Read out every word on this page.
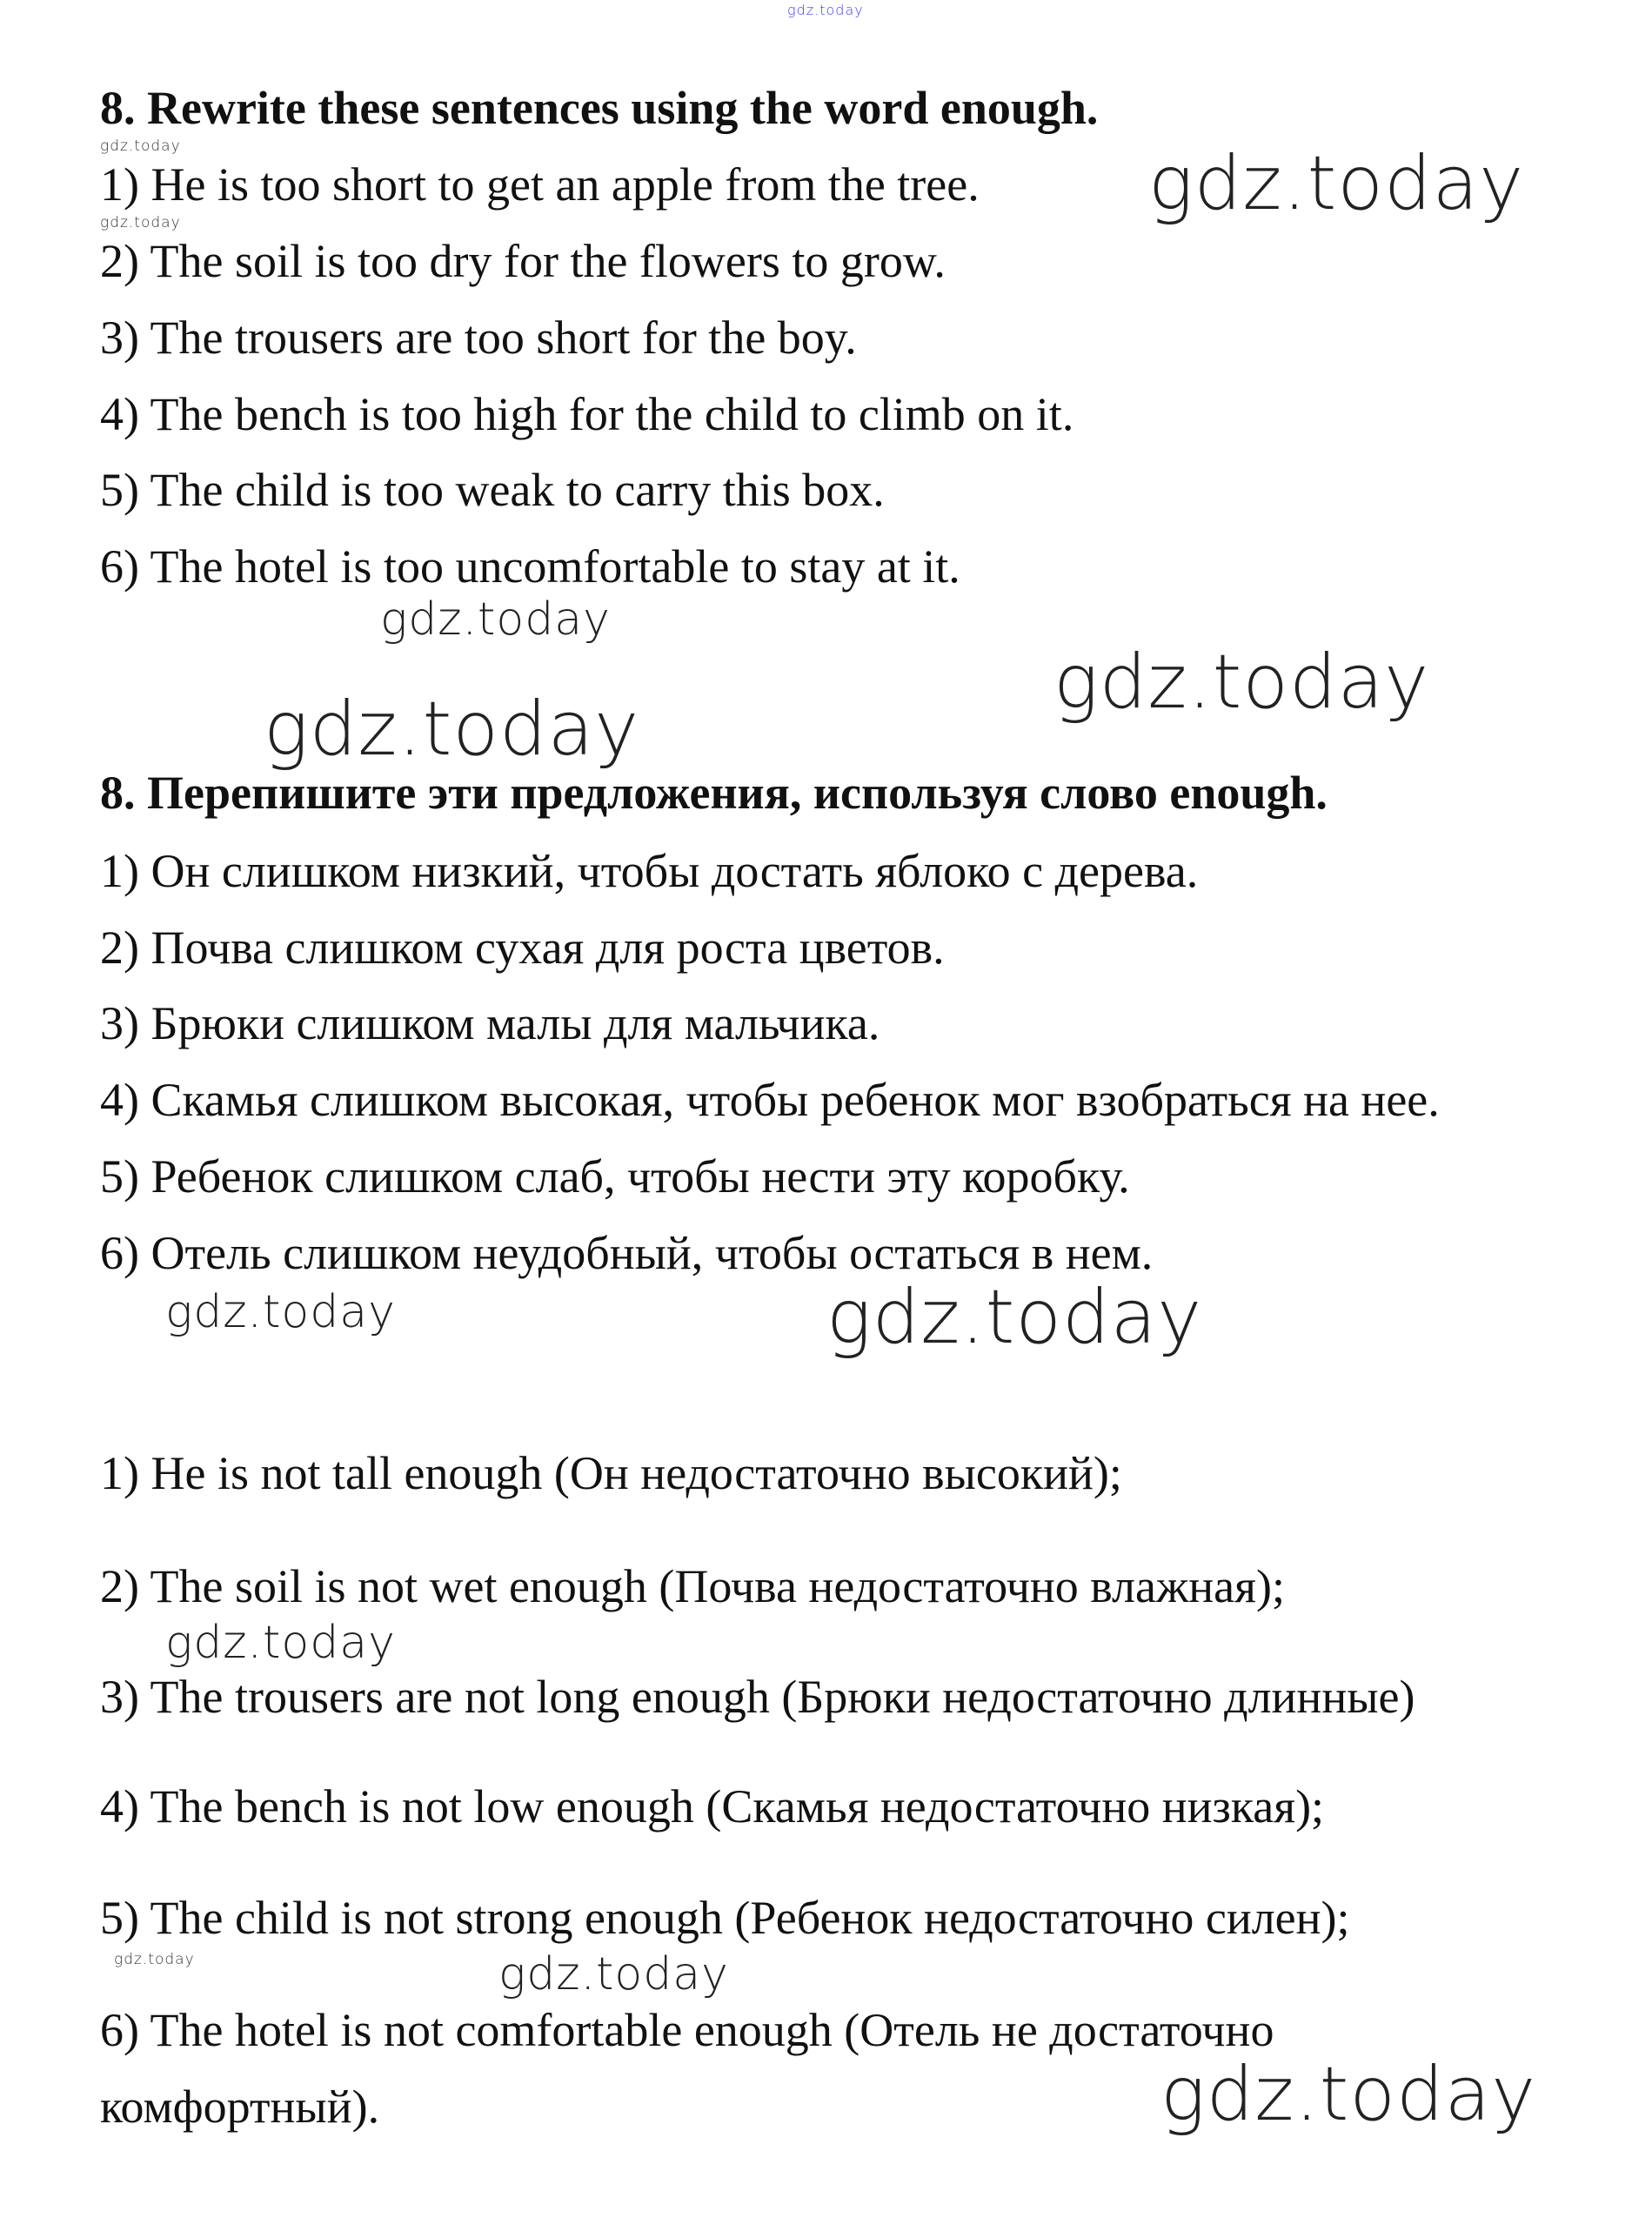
gdz.today
gdz.today
gdz.today
gdz.today
gdz.today
gdz.today
gdz.today
gdz.today	gdz.today
gdz.today
gdz.today	gdz.today
gdz.today
8. Rewrite these sentences using the word enough.
1) He is too short to get an apple from the tree.
2) The soil is too dry for the flowers to grow.
3) The trousers are too short for the boy.
4) The bench is too high for the child to climb on it.
5) The child is too weak to carry this box.
6) The hotel is too uncomfortable to stay at it.
8. Перепишите эти предложения, используя слово enough.
1) Он слишком низкий, чтобы достать яблоко с дерева.
2) Почва слишком сухая для роста цветов.
3) Брюки слишком малы для мальчика.
4) Скамья слишком высокая, чтобы ребенок мог взобраться на нее.
5) Ребенок слишком слаб, чтобы нести эту коробку.
6) Отель слишком неудобный, чтобы остаться в нем.
1) He is not tall enough (Он недостаточно высокий);
2) The soil is not wet enough (Почва недостаточно влажная);
3) The trousers are not long enough (Брюки недостаточно длинные)
4) The bench is not low enough (Скамья недостаточно низкая);
5) The child is not strong enough (Ребенок недостаточно силен);
6) The hotel is not comfortable enough (Отель не достаточно
комфортный).
